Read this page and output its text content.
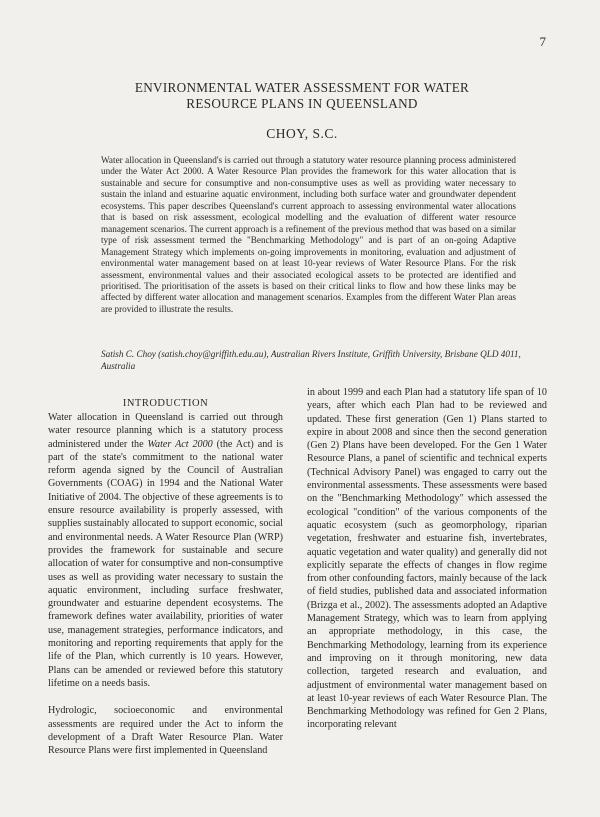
7
ENVIRONMENTAL WATER ASSESSMENT FOR WATER
RESOURCE PLANS IN QUEENSLAND
CHOY, S.C.

Water allocation in Queensland's is carried out through a statutory water resource planning process administered under the Water Act 2000. A Water Resource Plan provides the framework for this water allocation that is sustainable and secure for consumptive and non-consumptive uses as well as providing water necessary to sustain the inland and estuarine aquatic environment, including both surface water and groundwater dependent ecosystems. This paper describes Queensland's current approach to assessing environmental water allocations that is based on risk assessment, ecological modelling and the evaluation of different water resource management scenarios. The current approach is a refinement of the previous method that was based on a similar type of risk assessment termed the "Benchmarking Methodology" and is part of an on-going Adaptive Management Strategy which implements on-going improvements in monitoring, evaluation and adjustment of environmental water management based on at least 10-year reviews of Water Resource Plans. For the risk assessment, environmental values and their associated ecological assets to be protected are identified and prioritised. The prioritisation of the assets is based on their critical links to flow and how these links may be affected by different water allocation and management scenarios. Examples from the different Water Plan areas are provided to illustrate the results.

Satish C. Choy (satish.choy@griffith.edu.au), Australian Rivers Institute, Griffith University, Brisbane QLD 4011, Australia

INTRODUCTION

Water allocation in Queensland is carried out through water resource planning which is a statutory process administered under the Water Act 2000 (the Act) and is part of the state's commitment to the national water reform agenda signed by the Council of Australian Governments (COAG) in 1994 and the National Water Initiative of 2004. The objective of these agreements is to ensure resource availability is properly assessed, with supplies sustainably allocated to support economic, social and environmental needs. A Water Resource Plan (WRP) provides the framework for sustainable and secure allocation of water for consumptive and non-consumptive uses as well as providing water necessary to sustain the aquatic environment, including surface freshwater, groundwater and estuarine dependent ecosystems. The framework defines water availability, priorities of water use, management strategies, performance indicators, and monitoring and reporting requirements that apply for the life of the Plan, which currently is 10 years. However, Plans can be amended or reviewed before this statutory lifetime on a needs basis.

Hydrologic, socioeconomic and environmental assessments are required under the Act to inform the development of a Draft Water Resource Plan. Water Resource Plans were first implemented in Queensland

in about 1999 and each Plan had a statutory life span of 10 years, after which each Plan had to be reviewed and updated. These first generation (Gen 1) Plans started to expire in about 2008 and since then the second generation (Gen 2) Plans have been developed. For the Gen 1 Water Resource Plans, a panel of scientific and technical experts (Technical Advisory Panel) was engaged to carry out the environmental assessments. These assessments were based on the "Benchmarking Methodology" which assessed the ecological "condition" of the various components of the aquatic ecosystem (such as geomorphology, riparian vegetation, freshwater and estuarine fish, invertebrates, aquatic vegetation and water quality) and generally did not explicitly separate the effects of changes in flow regime from other confounding factors, mainly because of the lack of field studies, published data and associated information (Brizga et al., 2002). The assessments adopted an Adaptive Management Strategy, which was to learn from applying an appropriate methodology, in this case, the Benchmarking Methodology, learning from its experience and improving on it through monitoring, new data collection, targeted research and evaluation, and adjustment of environmental water management based on at least 10-year reviews of each Water Resource Plan. The Benchmarking Methodology was refined for Gen 2 Plans, incorporating relevant
